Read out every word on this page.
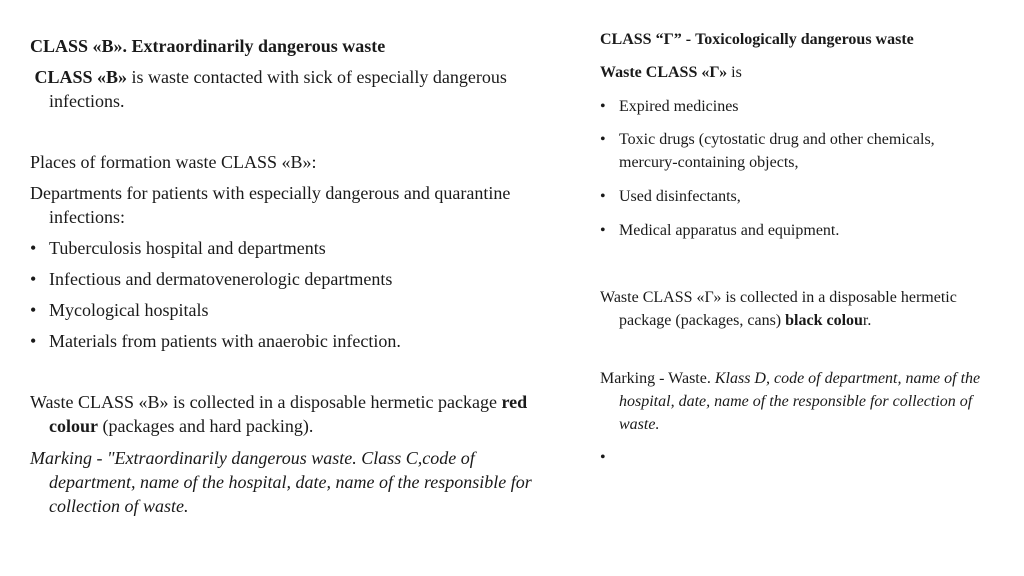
CLASS «B». Extraordinarily dangerous waste

CLASS «B» is waste contacted with sick of especially dangerous infections.

Places of formation waste CLASS «B»:

Departments for patients with especially dangerous and quarantine infections:

• Tuberculosis hospital and departments

• Infectious and dermatovenerologic departments

• Mycological hospitals

• Materials from patients with anaerobic infection.

Waste CLASS «B» is collected in a disposable hermetic package red colour (packages and hard packing).

Marking - "Extraordinarily dangerous waste. Class C,code of department, name of the hospital, date, name of the responsible for collection of waste.

CLASS “Г” - Toxicologically dangerous waste

Waste CLASS «Г» is

• Expired medicines

• Toxic drugs (cytostatic drug and other chemicals, mercury-containing objects,

• Used disinfectants,

• Medical apparatus and equipment.

Waste CLASS «Г» is collected in a disposable hermetic package (packages, cans) black colour.

Marking - Waste. Klass D, code of department, name of the hospital, date, name of the responsible for collection of waste.
